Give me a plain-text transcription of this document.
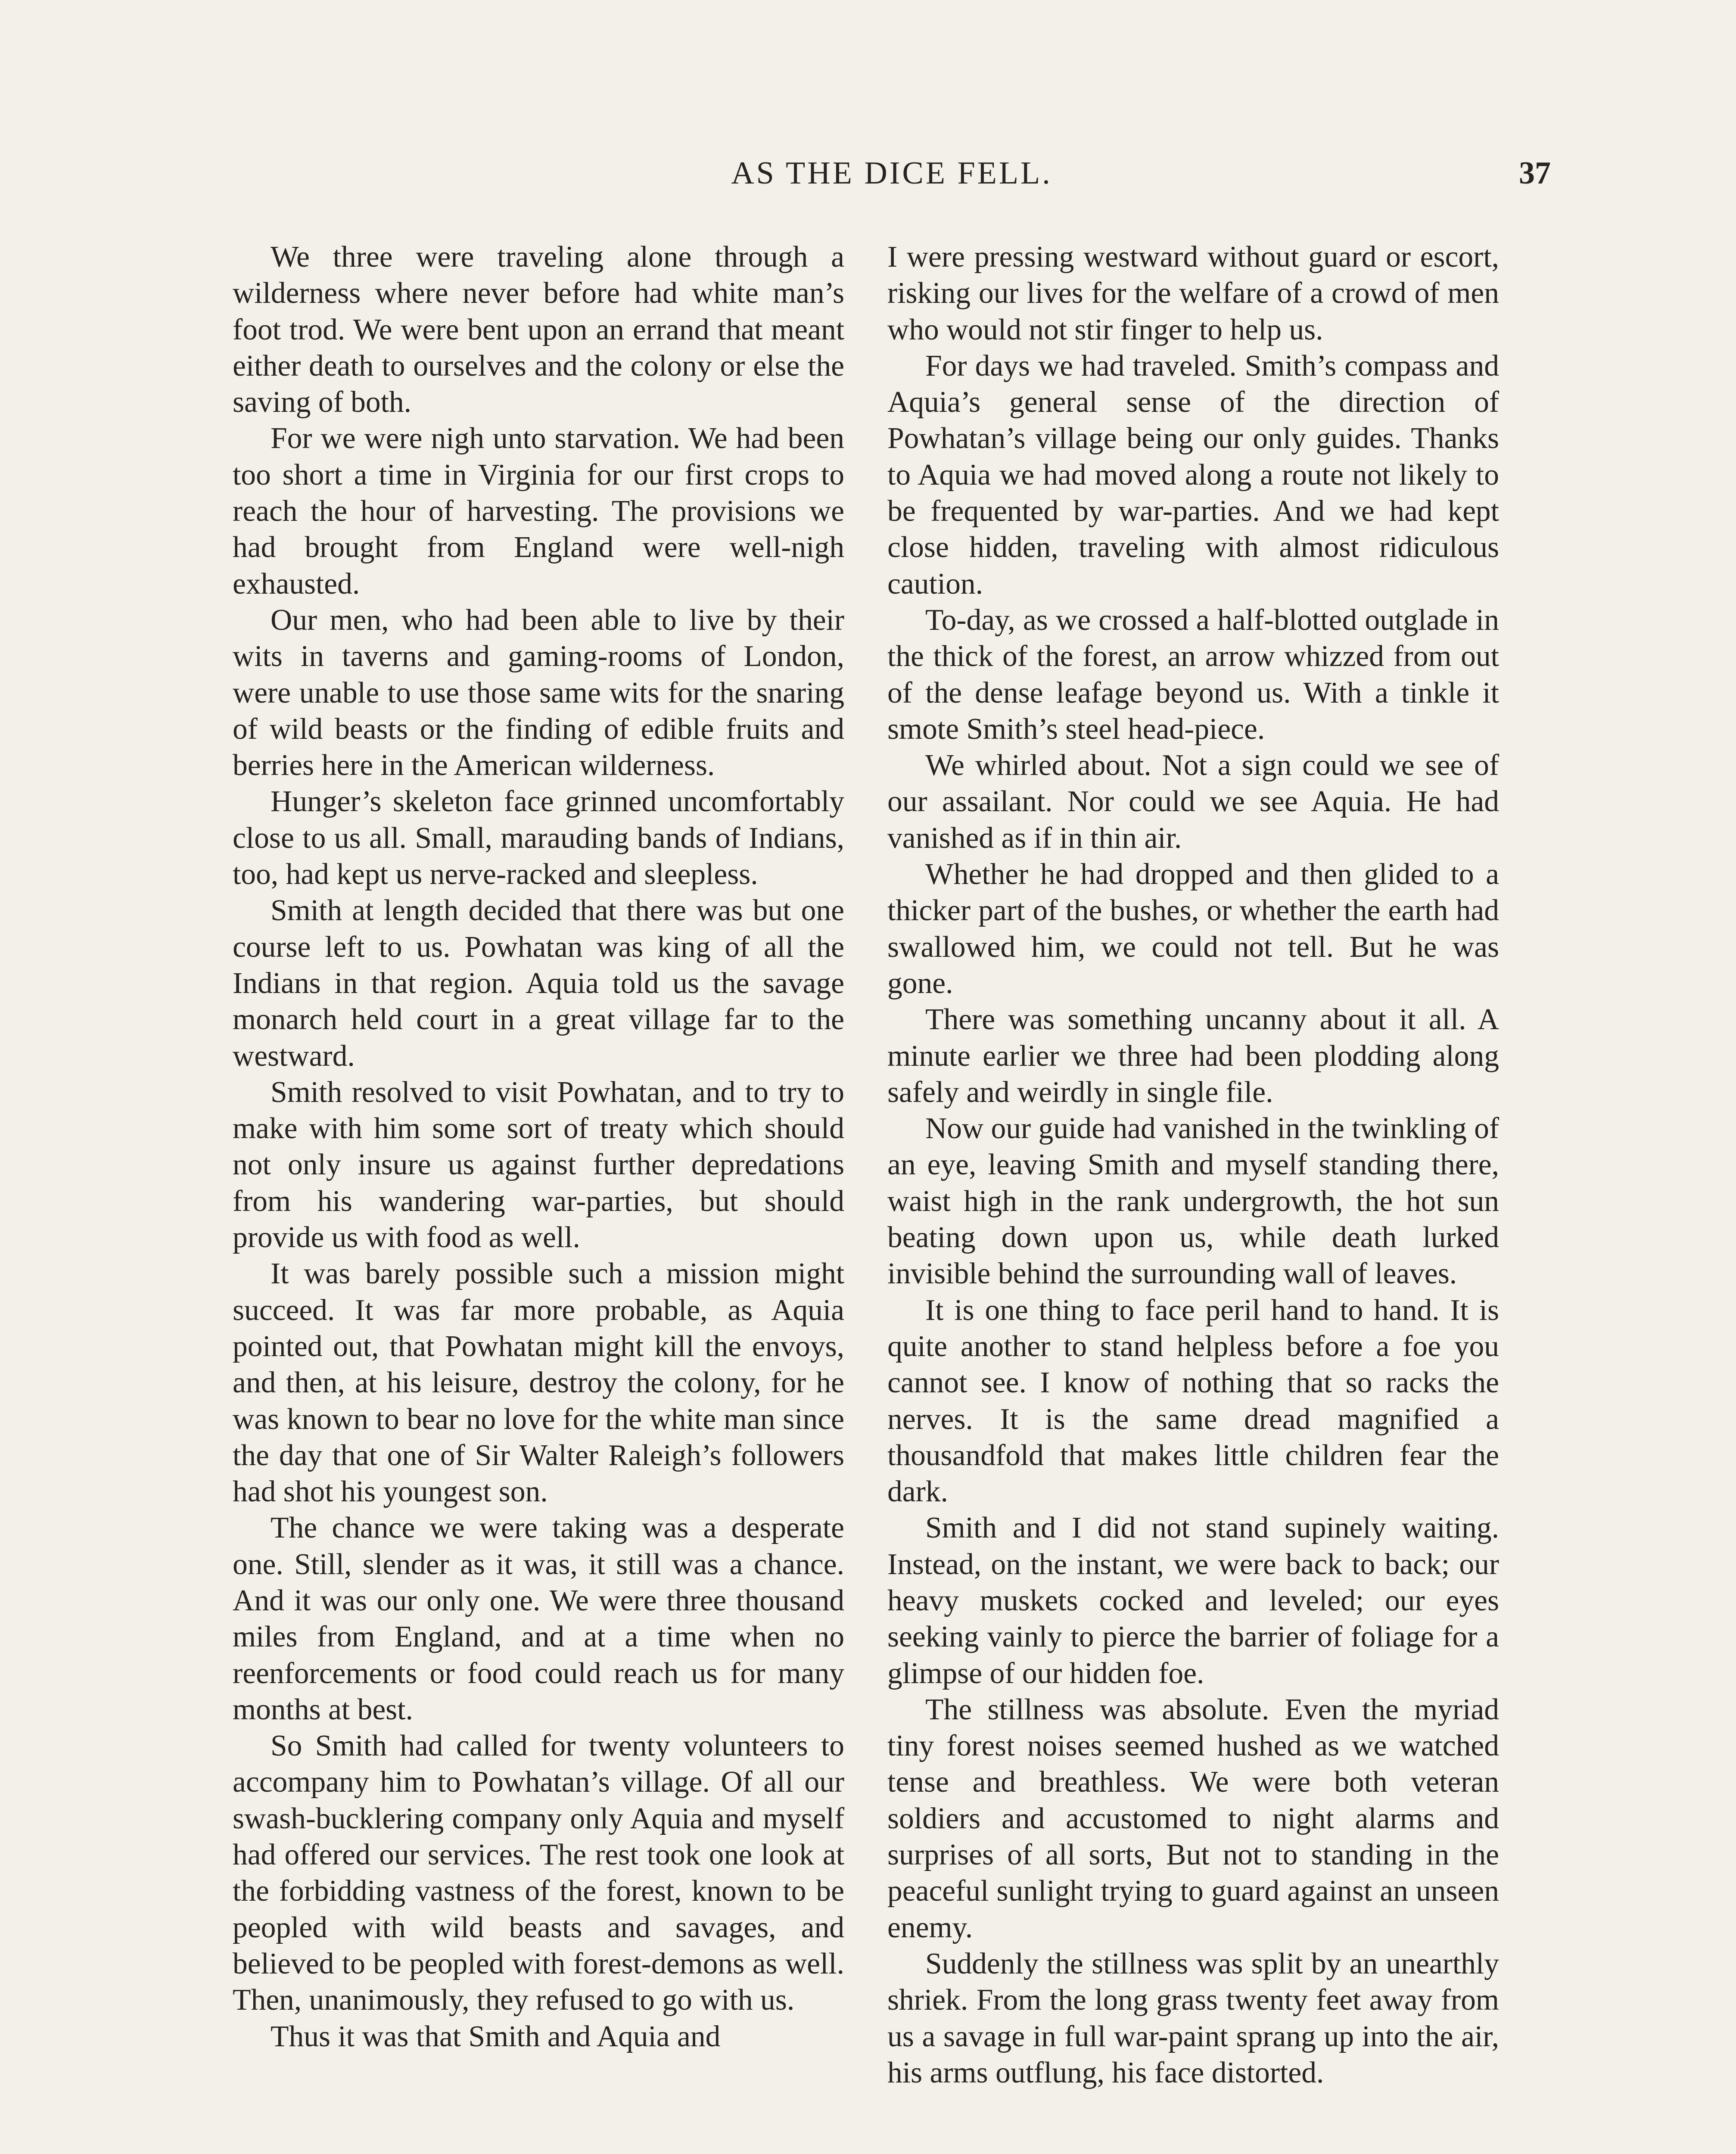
AS THE DICE FELL.	37

We three were traveling alone through a wilderness where never before had white man’s foot trod. We were bent upon an errand that meant either death to ourselves and the colony or else the saving of both.

For we were nigh unto starvation. We had been too short a time in Virginia for our first crops to reach the hour of harvesting. The provisions we had brought from England were well-nigh exhausted.

Our men, who had been able to live by their wits in taverns and gaming-rooms of London, were unable to use those same wits for the snaring of wild beasts or the finding of edible fruits and berries here in the American wilderness.

Hunger’s skeleton face grinned uncomfortably close to us all. Small, marauding bands of Indians, too, had kept us nerve-racked and sleepless.

Smith at length decided that there was but one course left to us. Powhatan was king of all the Indians in that region. Aquia told us the savage monarch held court in a great village far to the westward.

Smith resolved to visit Powhatan, and to try to make with him some sort of treaty which should not only insure us against further depredations from his wandering war-parties, but should provide us with food as well.

It was barely possible such a mission might succeed. It was far more probable, as Aquia pointed out, that Powhatan might kill the envoys, and then, at his leisure, destroy the colony, for he was known to bear no love for the white man since the day that one of Sir Walter Raleigh’s followers had shot his youngest son.

The chance we were taking was a desperate one. Still, slender as it was, it still was a chance. And it was our only one. We were three thousand miles from England, and at a time when no reenforcements or food could reach us for many months at best.

So Smith had called for twenty volunteers to accompany him to Powhatan’s village. Of all our swash-bucklering company only Aquia and myself had offered our services. The rest took one look at the forbidding vastness of the forest, known to be peopled with wild beasts and savages, and believed to be peopled with forest-demons as well. Then, unanimously, they refused to go with us.

Thus it was that Smith and Aquia and

I were pressing westward without guard or escort, risking our lives for the welfare of a crowd of men who would not stir finger to help us.

For days we had traveled. Smith’s compass and Aquia’s general sense of the direction of Powhatan’s village being our only guides. Thanks to Aquia we had moved along a route not likely to be frequented by war-parties. And we had kept close hidden, traveling with almost ridiculous caution.

To-day, as we crossed a half-blotted outglade in the thick of the forest, an arrow whizzed from out of the dense leafage beyond us. With a tinkle it smote Smith’s steel head-piece.

We whirled about. Not a sign could we see of our assailant. Nor could we see Aquia. He had vanished as if in thin air.

Whether he had dropped and then glided to a thicker part of the bushes, or whether the earth had swallowed him, we could not tell. But he was gone.

There was something uncanny about it all. A minute earlier we three had been plodding along safely and weirdly in single file.

Now our guide had vanished in the twinkling of an eye, leaving Smith and myself standing there, waist high in the rank undergrowth, the hot sun beating down upon us, while death lurked invisible behind the surrounding wall of leaves.

It is one thing to face peril hand to hand. It is quite another to stand helpless before a foe you cannot see. I know of nothing that so racks the nerves. It is the same dread magnified a thousandfold that makes little children fear the dark.

Smith and I did not stand supinely waiting. Instead, on the instant, we were back to back; our heavy muskets cocked and leveled; our eyes seeking vainly to pierce the barrier of foliage for a glimpse of our hidden foe.

The stillness was absolute. Even the myriad tiny forest noises seemed hushed as we watched tense and breathless. We were both veteran soldiers and accustomed to night alarms and surprises of all sorts, But not to standing in the peaceful sunlight trying to guard against an unseen enemy.

Suddenly the stillness was split by an unearthly shriek. From the long grass twenty feet away from us a savage in full war-paint sprang up into the air, his arms outflung, his face distorted.
